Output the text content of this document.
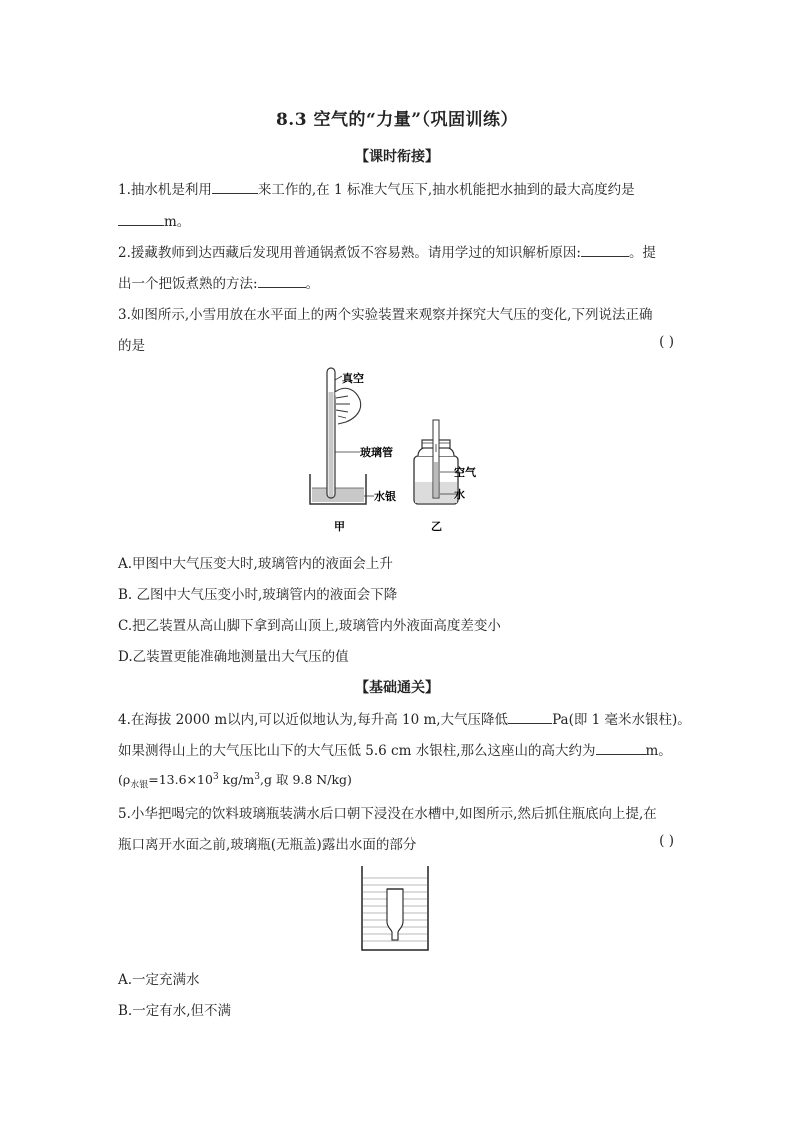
8.3 空气的“力量”（巩固训练）
【课时衔接】
1.抽水机是利用	来工作的,在 1 标准大气压下,抽水机能把水抽到的最大高度约是
m。
2.援藏教师到达西藏后发现用普通锅煮饭不容易熟。请用学过的知识解析原因:	。提
出一个把饭煮熟的方法:	。
3.如图所示,小雪用放在水平面上的两个实验装置来观察并探究大气压的变化,下列说法正确
的是	( )
真空
玻璃管
水银
甲
空气
水
乙
A.甲图中大气压变大时,玻璃管内的液面会上升
B. 乙图中大气压变小时,玻璃管内的液面会下降
C.把乙装置从高山脚下拿到高山顶上,玻璃管内外液面高度差变小
D.乙装置更能准确地测量出大气压的值
【基础通关】
4.在海拔 2000 m以内,可以近似地认为,每升高 10 m,大气压降低	Pa(即 1 毫米水银柱)。
如果测得山上的大气压比山下的大气压低 5.6 cm 水银柱,那么这座山的高大约为	m。
($\rho_{水银}=13.6\times 10^3$ $kg/m^3,g$ 取 9.8 N/kg)
5.小华把喝完的饮料玻璃瓶装满水后口朝下浸没在水槽中,如图所示,然后抓住瓶底向上提,在
瓶口离开水面之前,玻璃瓶(无瓶盖)露出水面的部分	( )
A.一定充满水
B.一定有水,但不满
